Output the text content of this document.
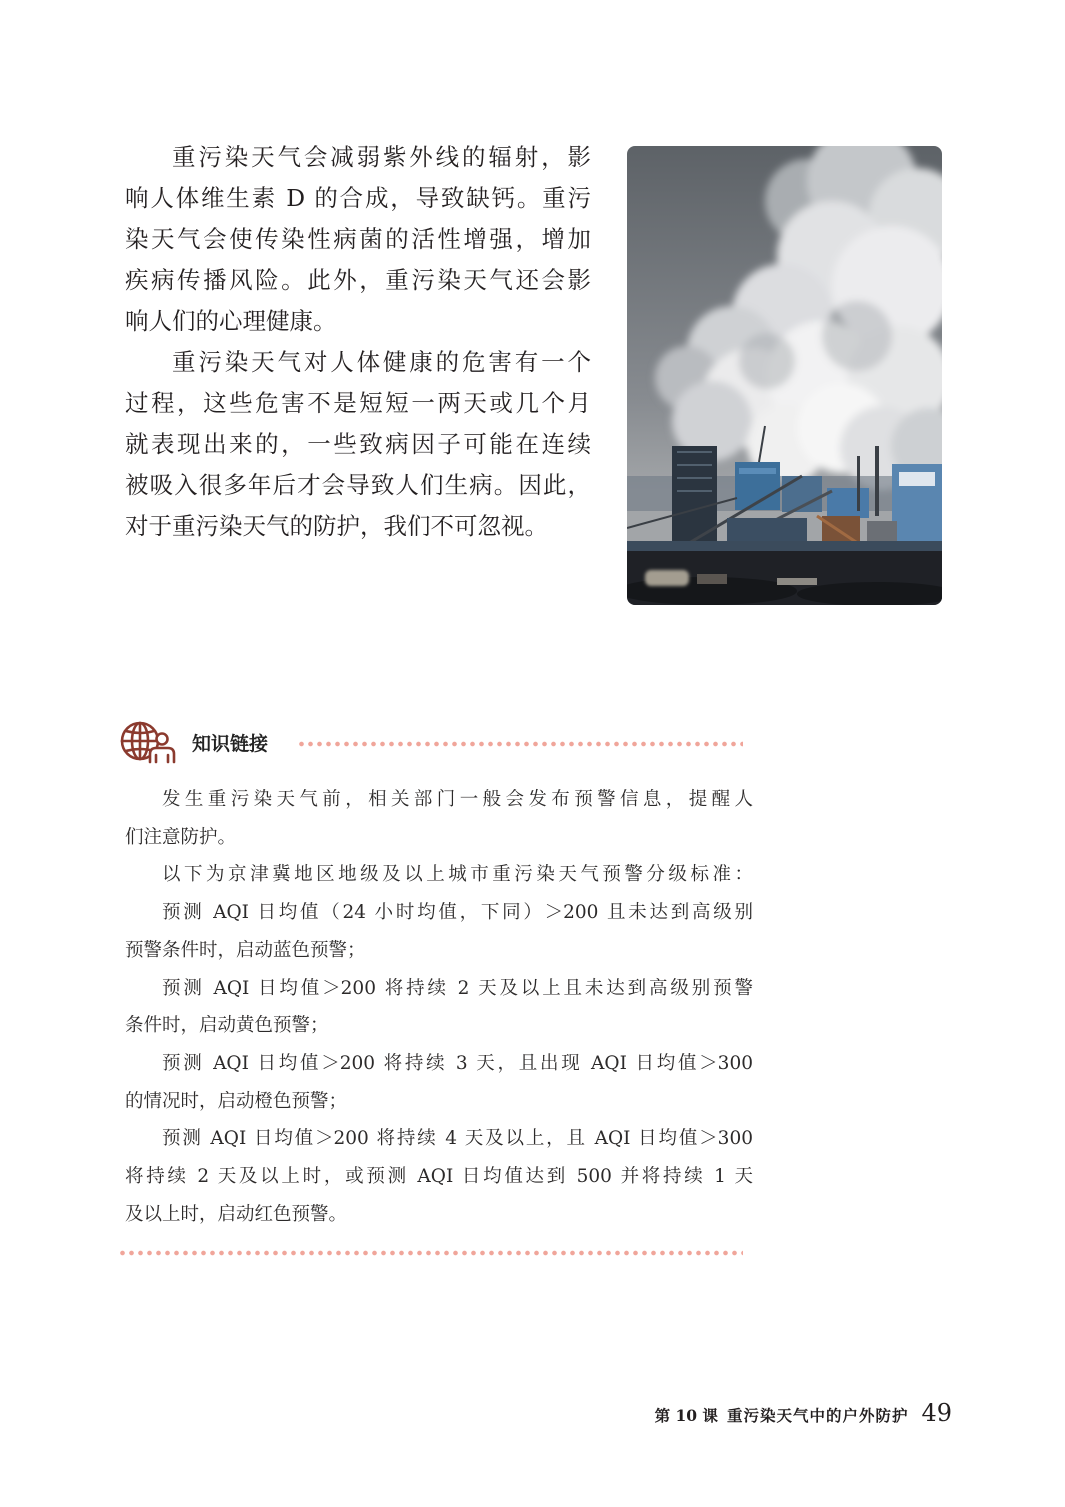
重污染天气会减弱紫外线的辐射，影
响人体维生素 D 的合成，导致缺钙。重污
染天气会使传染性病菌的活性增强，增加
疾病传播风险。此外，重污染天气还会影
响人们的心理健康。
重污染天气对人体健康的危害有一个
过程，这些危害不是短短一两天或几个月
就表现出来的，一些致病因子可能在连续
被吸入很多年后才会导致人们生病。因此，
对于重污染天气的防护，我们不可忽视。
知识链接
发生重污染天气前，相关部门一般会发布预警信息，提醒人
们注意防护。
以下为京津冀地区地级及以上城市重污染天气预警分级标准：
预测 AQI 日均值（24 小时均值，下同）＞200 且未达到高级别
预警条件时，启动蓝色预警；
预测 AQI 日均值＞200 将持续 2 天及以上且未达到高级别预警
条件时，启动黄色预警；
预测 AQI 日均值＞200 将持续 3 天，且出现 AQI 日均值＞300
的情况时，启动橙色预警；
预测 AQI 日均值＞200 将持续 4 天及以上，且 AQI 日均值＞300
将持续 2 天及以上时，或预测 AQI 日均值达到 500 并将持续 1 天
及以上时，启动红色预警。
第 10 课 重污染天气中的户外防护 49
